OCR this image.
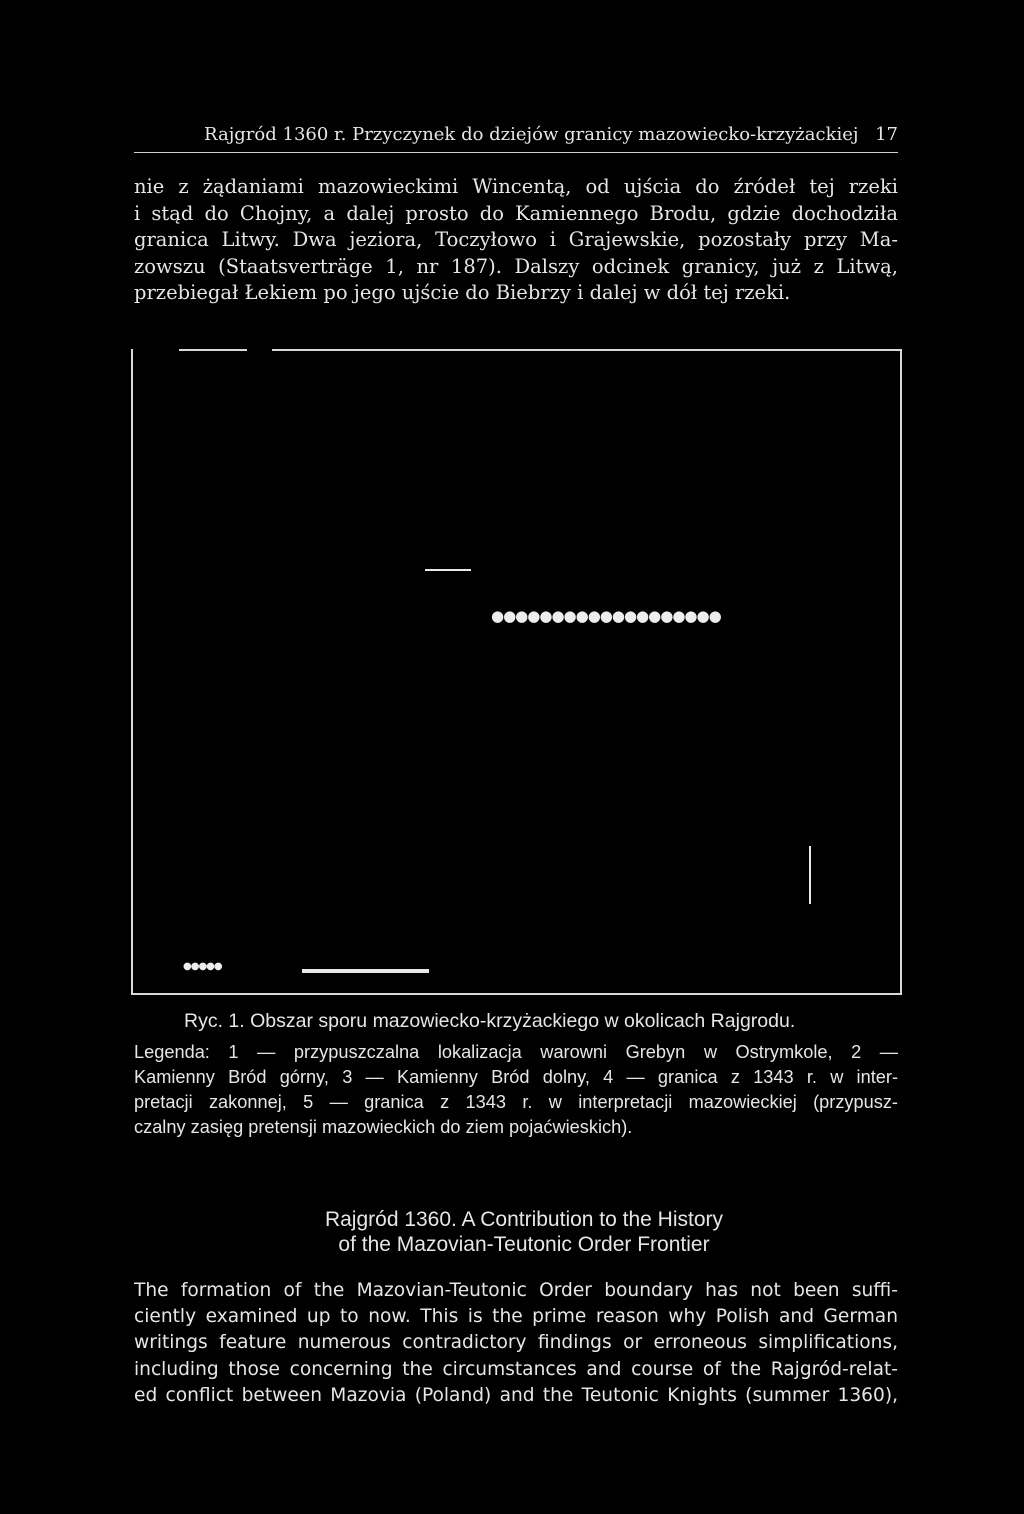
Rajgród 1360 r. Przyczynek do dziejów granicy mazowiecko-krzyżackiej 17
nie z żądaniami mazowieckimi Wincentą, od ujścia do źródeł tej rzeki
i stąd do Chojny, a dalej prosto do Kamiennego Brodu, gdzie dochodziła
granica Litwy. Dwa jeziora, Toczyłowo i Grajewskie, pozostały przy Ma-
zowszu (Staatsverträge 1, nr 187). Dalszy odcinek granicy, już z Litwą,
przebiegał Łekiem po jego ujście do Biebrzy i dalej w dół tej rzeki.
●●●●●●●●●●●●●●●●●●●
●●●●●
Ryc. 1. Obszar sporu mazowiecko-krzyżackiego w okolicach Rajgrodu.
Legenda: 1 — przypuszczalna lokalizacja warowni Grebyn w Ostrymkole, 2 —
Kamienny Bród górny, 3 — Kamienny Bród dolny, 4 — granica z 1343 r. w inter-
pretacji zakonnej, 5 — granica z 1343 r. w interpretacji mazowieckiej (przypusz-
czalny zasięg pretensji mazowieckich do ziem pojaćwieskich).
Rajgród 1360. A Contribution to the History
of the Mazovian-Teutonic Order Frontier
The formation of the Mazovian-Teutonic Order boundary has not been suffi-
ciently examined up to now. This is the prime reason why Polish and German
writings feature numerous contradictory findings or erroneous simplifications,
including those concerning the circumstances and course of the Rajgród-relat-
ed conflict between Mazovia (Poland) and the Teutonic Knights (summer 1360),
